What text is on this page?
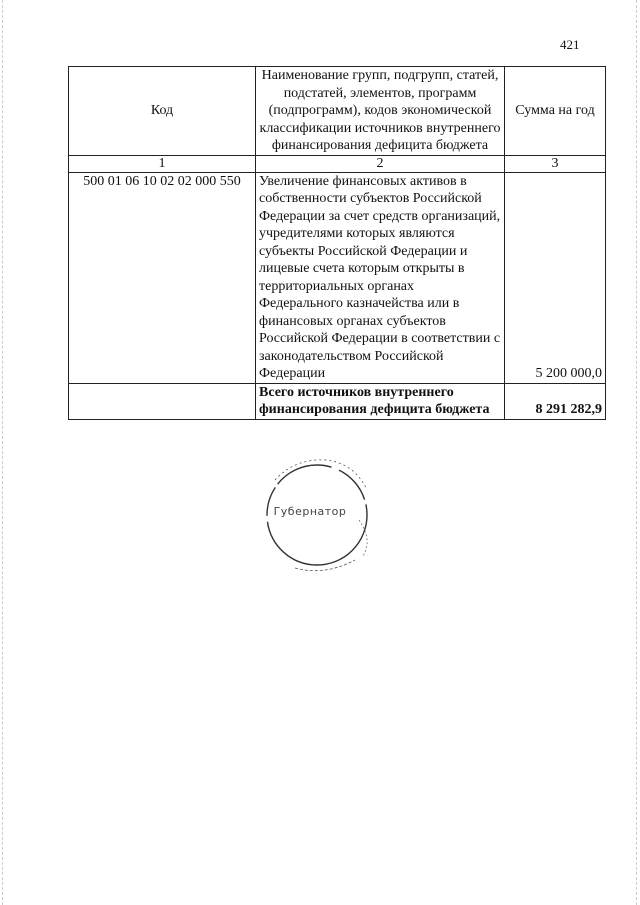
421
Код	Наименование групп, подгрупп, статей, подстатей, элементов, программ (подпрограмм), кодов экономической классификации источников внутреннего финансирования дефицита бюджета	Сумма на год
1	2	3
500 01 06 10 02 02 000 550	Увеличение финансовых активов в собственности субъектов Российской Федерации за счет средств организаций, учредителями которых являются субъекты Российской Федерации и лицевые счета которым открыты в территориальных органах Федерального казначейства или в финансовых органах субъектов Российской Федерации в соответствии с законодательством Российской Федерации	5 200 000,0
	Всего источников внутреннего финансирования дефицита бюджета	8 291 282,9
Губернатор
